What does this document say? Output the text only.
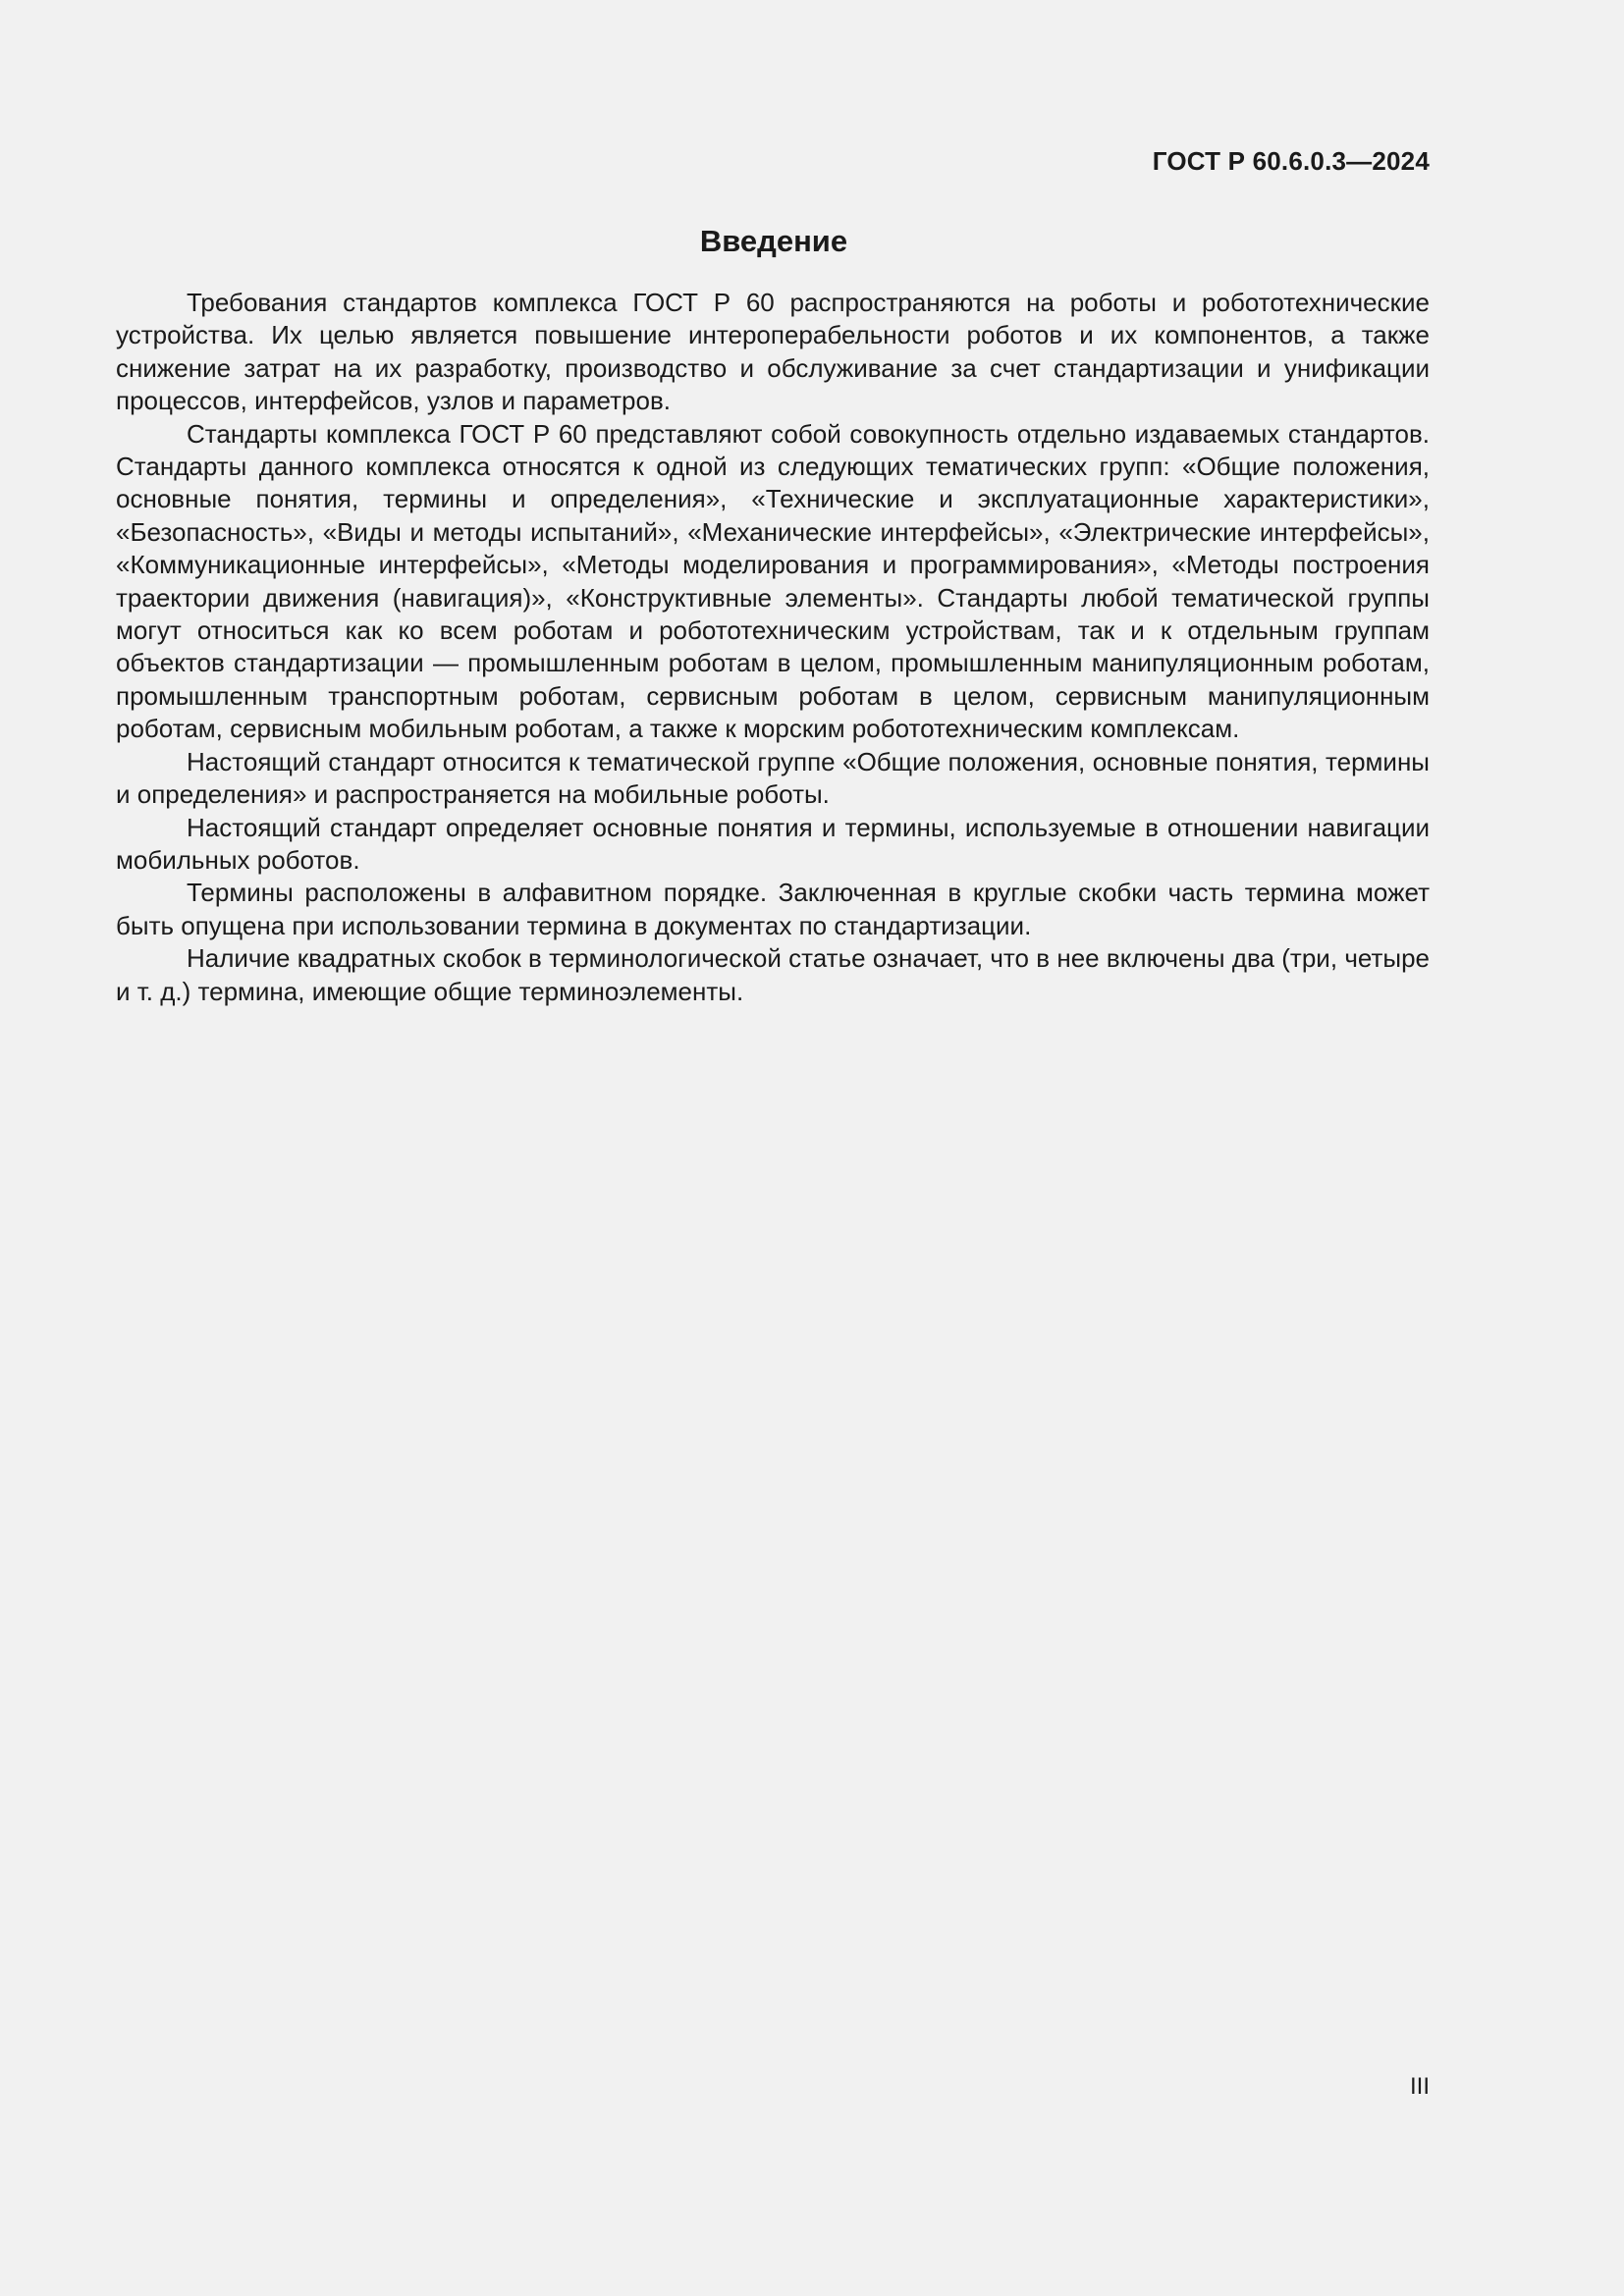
ГОСТ Р 60.6.0.3—2024
Введение

Требования стандартов комплекса ГОСТ Р 60 распространяются на роботы и робототехнические устройства. Их целью является повышение интероперабельности роботов и их компонентов, а также снижение затрат на их разработку, производство и обслуживание за счет стандартизации и унификации процессов, интерфейсов, узлов и параметров.

Стандарты комплекса ГОСТ Р 60 представляют собой совокупность отдельно издаваемых стандартов. Стандарты данного комплекса относятся к одной из следующих тематических групп: «Общие положения, основные понятия, термины и определения», «Технические и эксплуатационные характеристики», «Безопасность», «Виды и методы испытаний», «Механические интерфейсы», «Электрические интерфейсы», «Коммуникационные интерфейсы», «Методы моделирования и программирования», «Методы построения траектории движения (навигация)», «Конструктивные элементы». Стандарты любой тематической группы могут относиться как ко всем роботам и робототехническим устройствам, так и к отдельным группам объектов стандартизации — промышленным роботам в целом, промышленным манипуляционным роботам, промышленным транспортным роботам, сервисным роботам в целом, сервисным манипуляционным роботам, сервисным мобильным роботам, а также к морским робототехническим комплексам.

Настоящий стандарт относится к тематической группе «Общие положения, основные понятия, термины и определения» и распространяется на мобильные роботы.

Настоящий стандарт определяет основные понятия и термины, используемые в отношении навигации мобильных роботов.

Термины расположены в алфавитном порядке. Заключенная в круглые скобки часть термина может быть опущена при использовании термина в документах по стандартизации.

Наличие квадратных скобок в терминологической статье означает, что в нее включены два (три, четыре и т. д.) термина, имеющие общие терминоэлементы.

III
